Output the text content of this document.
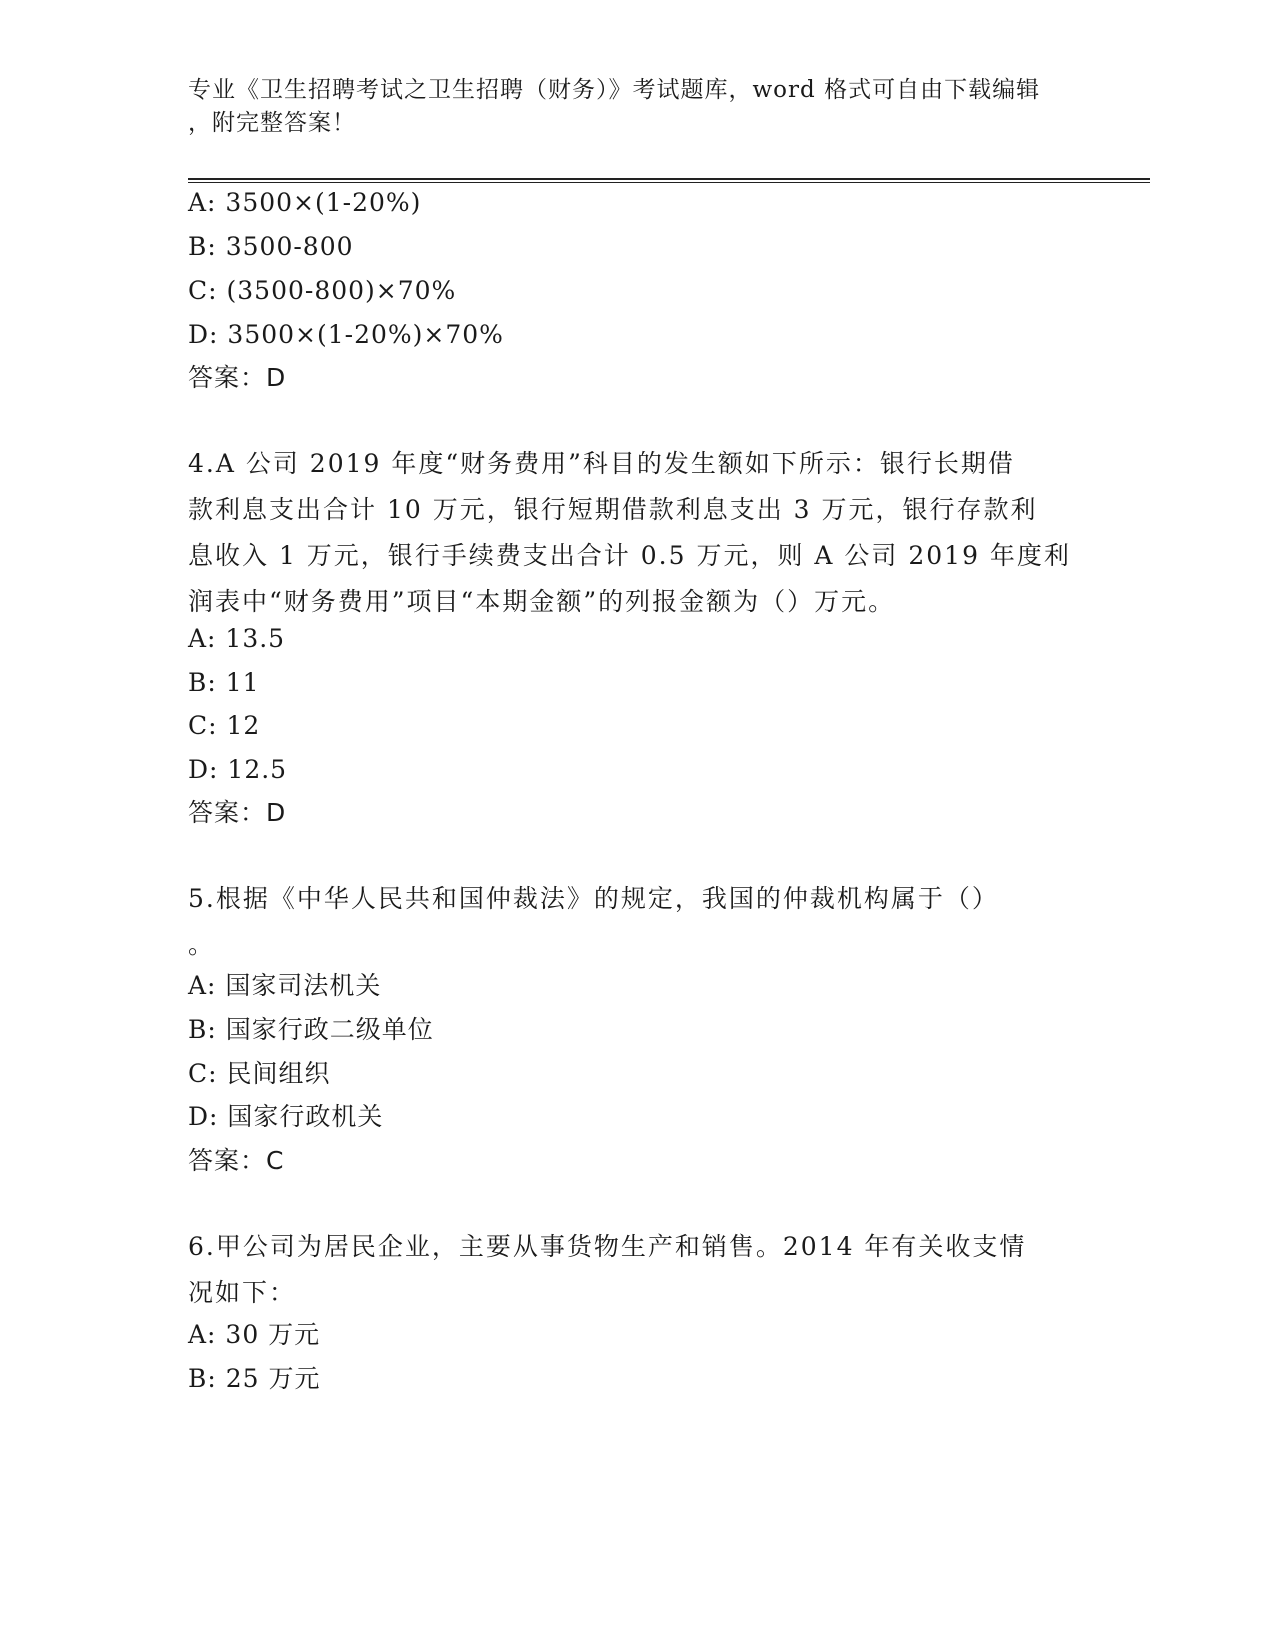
专业《卫生招聘考试之卫生招聘（财务）》考试题库，word 格式可自由下载编辑
，附完整答案！
A: 3500×(1-20%)
B: 3500-800
C: (3500-800)×70%
D: 3500×(1-20%)×70%
答案：D
4.A 公司 2019 年度“财务费用”科目的发生额如下所示：银行长期借
款利息支出合计 10 万元，银行短期借款利息支出 3 万元，银行存款利
息收入 1 万元，银行手续费支出合计 0.5 万元，则 A 公司 2019 年度利
润表中“财务费用”项目“本期金额”的列报金额为（）万元。
A: 13.5
B: 11
C: 12
D: 12.5
答案：D
5.根据《中华人民共和国仲裁法》的规定，我国的仲裁机构属于（）
。
A: 国家司法机关
B: 国家行政二级单位
C: 民间组织
D: 国家行政机关
答案：C
6.甲公司为居民企业，主要从事货物生产和销售。2014 年有关收支情
况如下：
A: 30 万元
B: 25 万元
